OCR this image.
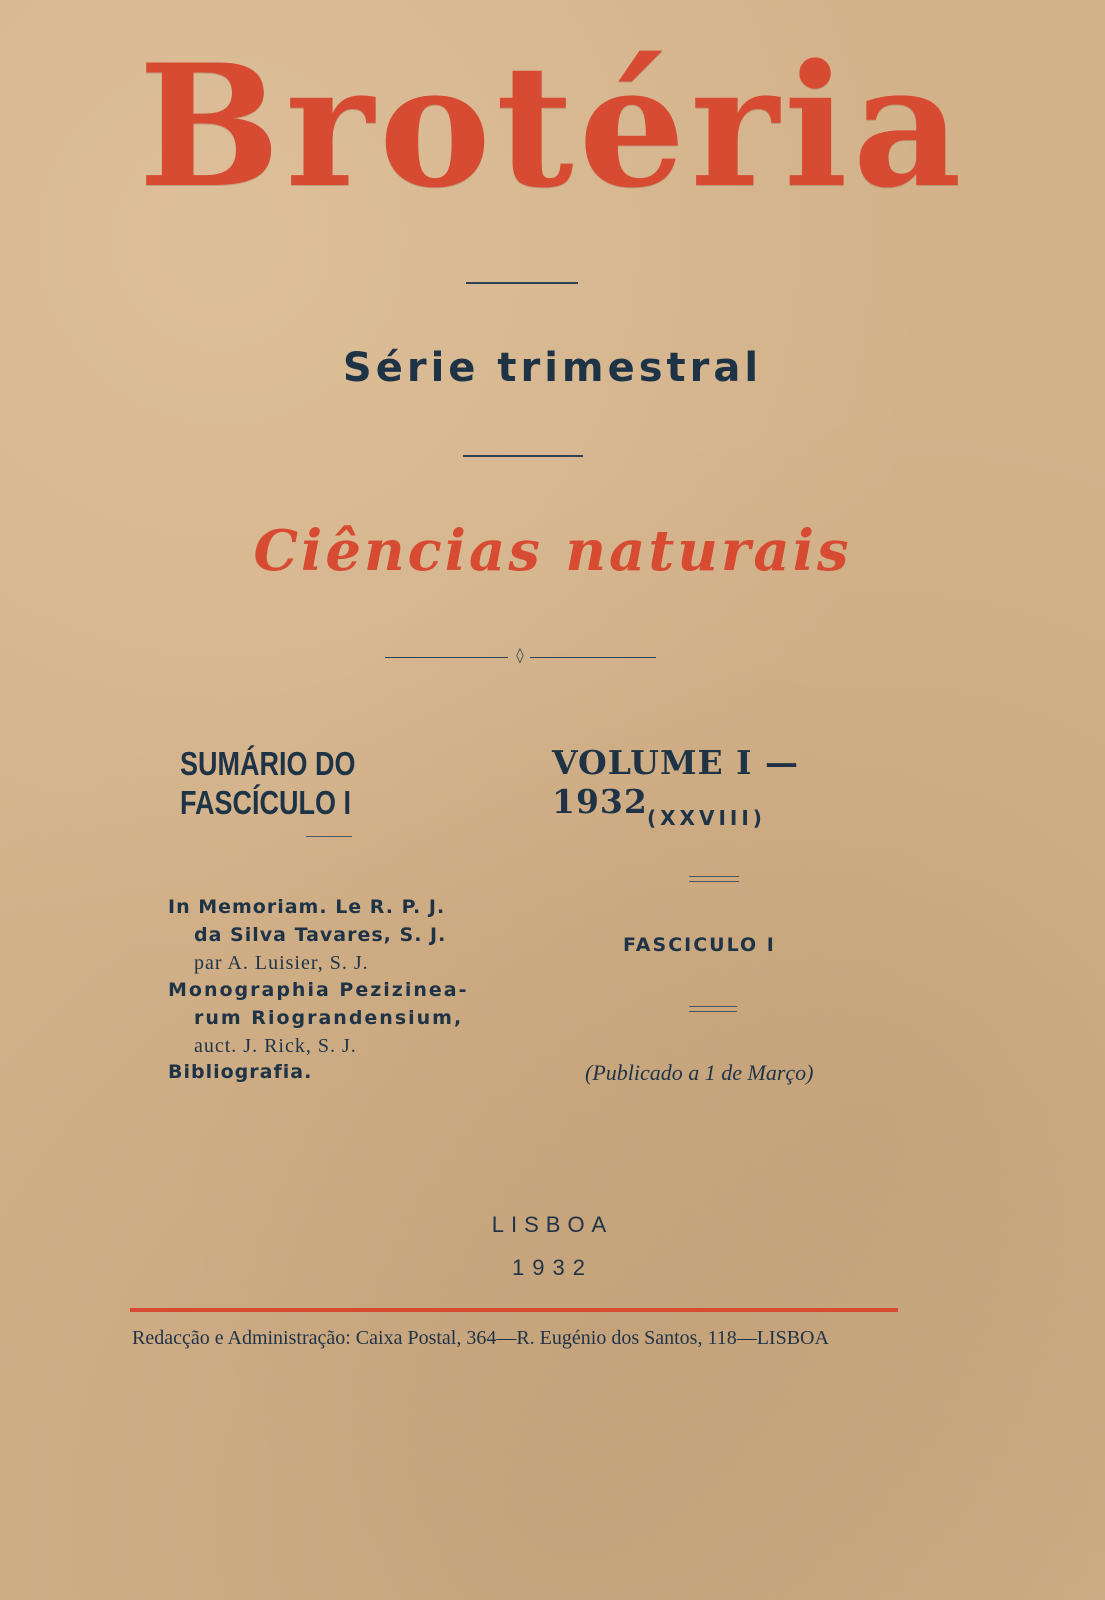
Brotéria
Série trimestral
Ciências naturais
◊
SUMÁRIO DO FASCÍCULO I
VOLUME I — 1932 (XXVIII)
In Memoriam. Le R. P. J.
da Silva Tavares, S. J.
par A. Luisier, S. J.
Monographia Pezizinea-
rum Riograndensium,
auct. J. Rick, S. J.
Bibliografia.
FASCICULO I
(Publicado a 1 de Março)
LISBOA
1932
Redacção e Administração: Caixa Postal, 364—R. Eugénio dos Santos, 118—LISBOA
